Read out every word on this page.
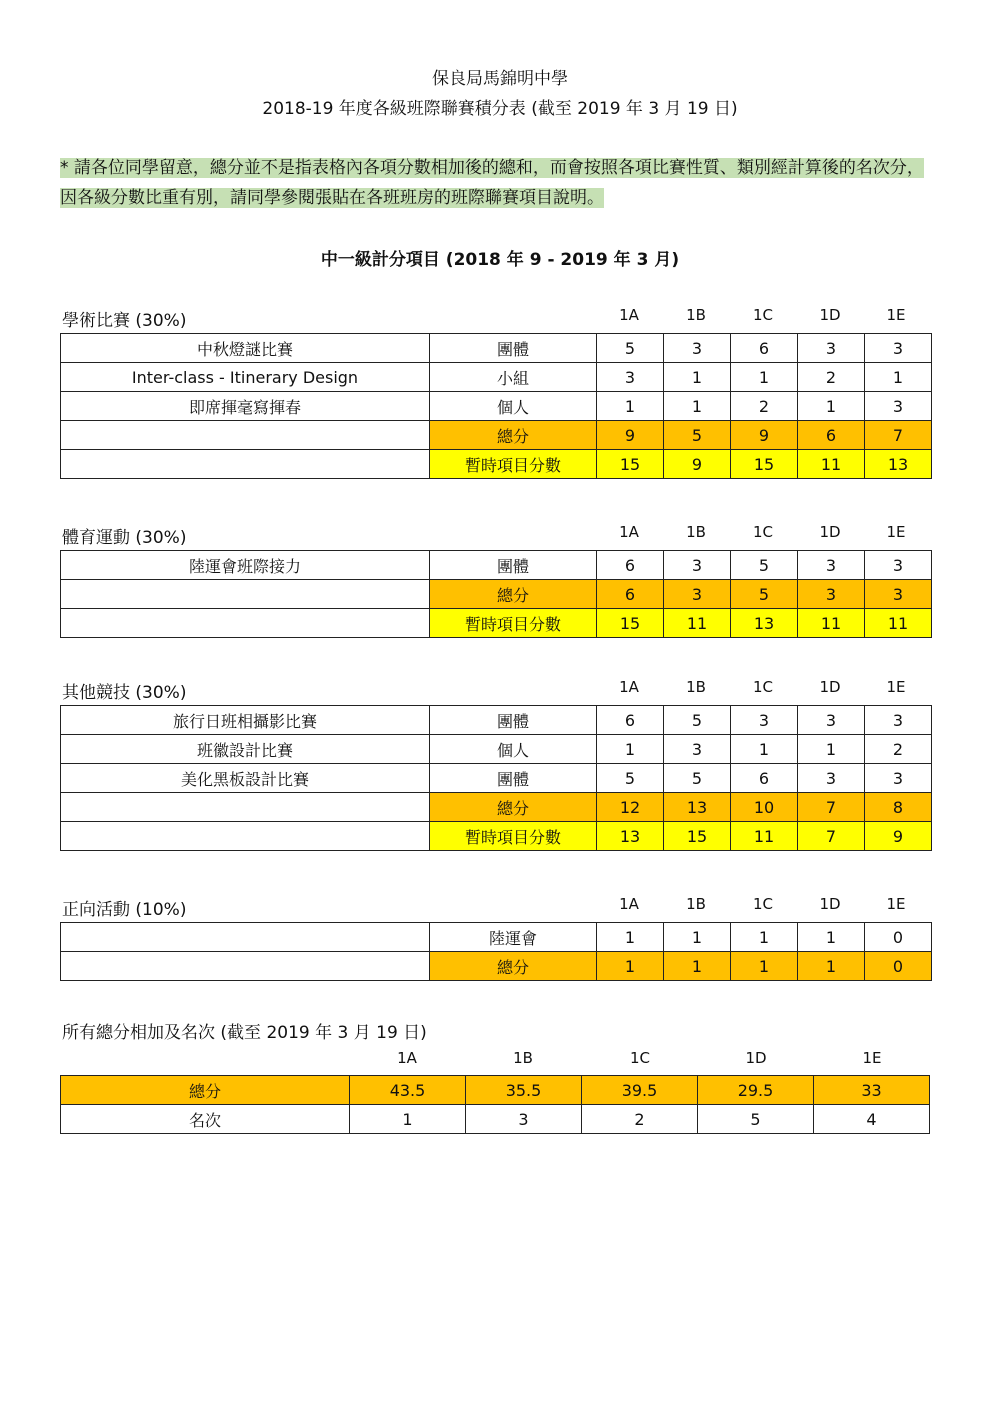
保良局馬錦明中學
2018-19 年度各級班際聯賽積分表 (截至 2019 年 3 月 19 日)
* 請各位同學留意，總分並不是指表格內各項分數相加後的總和，而會按照各項比賽性質、類別經計算後的名次分，因各級分數比重有別，請同學參閱張貼在各班班房的班際聯賽項目說明。
中一級計分項目 (2018 年 9 - 2019 年 3 月)
學術比賽 (30%)	1A	1B	1C	1D	1E
中秋燈謎比賽	團體	5	3	6	3	3
Inter-class - Itinerary Design	小組	3	1	1	2	1
即席揮毫寫揮春	個人	1	1	2	1	3
	總分	9	5	9	6	7
	暫時項目分數	15	9	15	11	13
體育運動 (30%)	1A	1B	1C	1D	1E
陸運會班際接力	團體	6	3	5	3	3
	總分	6	3	5	3	3
	暫時項目分數	15	11	13	11	11
其他競技 (30%)	1A	1B	1C	1D	1E
旅行日班相攝影比賽	團體	6	5	3	3	3
班徽設計比賽	個人	1	3	1	1	2
美化黑板設計比賽	團體	5	5	6	3	3
	總分	12	13	10	7	8
	暫時項目分數	13	15	11	7	9
正向活動 (10%)	1A	1B	1C	1D	1E
	陸運會	1	1	1	1	0
	總分	1	1	1	1	0
所有總分相加及名次 (截至 2019 年 3 月 19 日)
1A	1B	1C	1D	1E
總分	43.5	35.5	39.5	29.5	33
名次	1	3	2	5	4
